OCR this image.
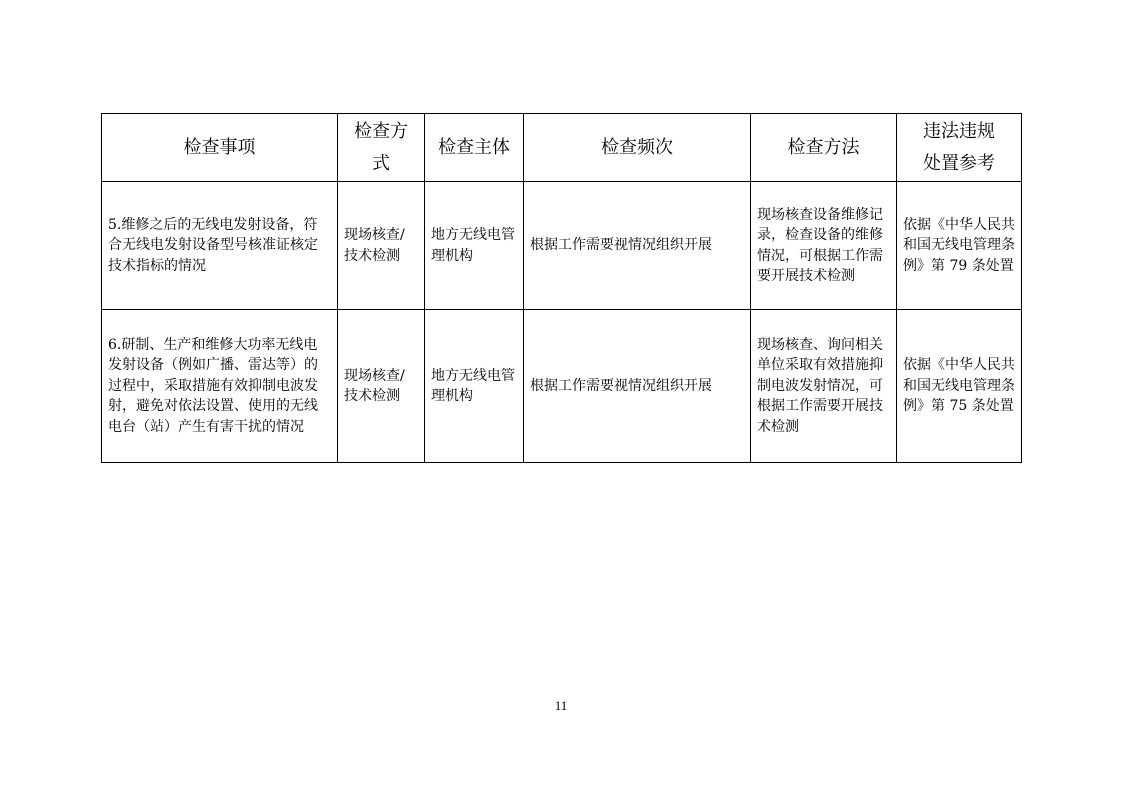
检查事项	检查方式	检查主体	检查频次	检查方法	违法违规处置参考

5.维修之后的无线电发射设备，符合无线电发射设备型号核准证核定技术指标的情况	现场核查/技术检测	地方无线电管理机构	根据工作需要视情况组织开展	现场核查设备维修记录，检查设备的维修情况，可根据工作需要开展技术检测	依据《中华人民共和国无线电管理条例》第 79 条处置

6.研制、生产和维修大功率无线电发射设备（例如广播、雷达等）的过程中，采取措施有效抑制电波发射，避免对依法设置、使用的无线电台（站）产生有害干扰的情况	现场核查/技术检测	地方无线电管理机构	根据工作需要视情况组织开展	现场核查、询问相关单位采取有效措施抑制电波发射情况，可根据工作需要开展技术检测	依据《中华人民共和国无线电管理条例》第 75 条处置
11
